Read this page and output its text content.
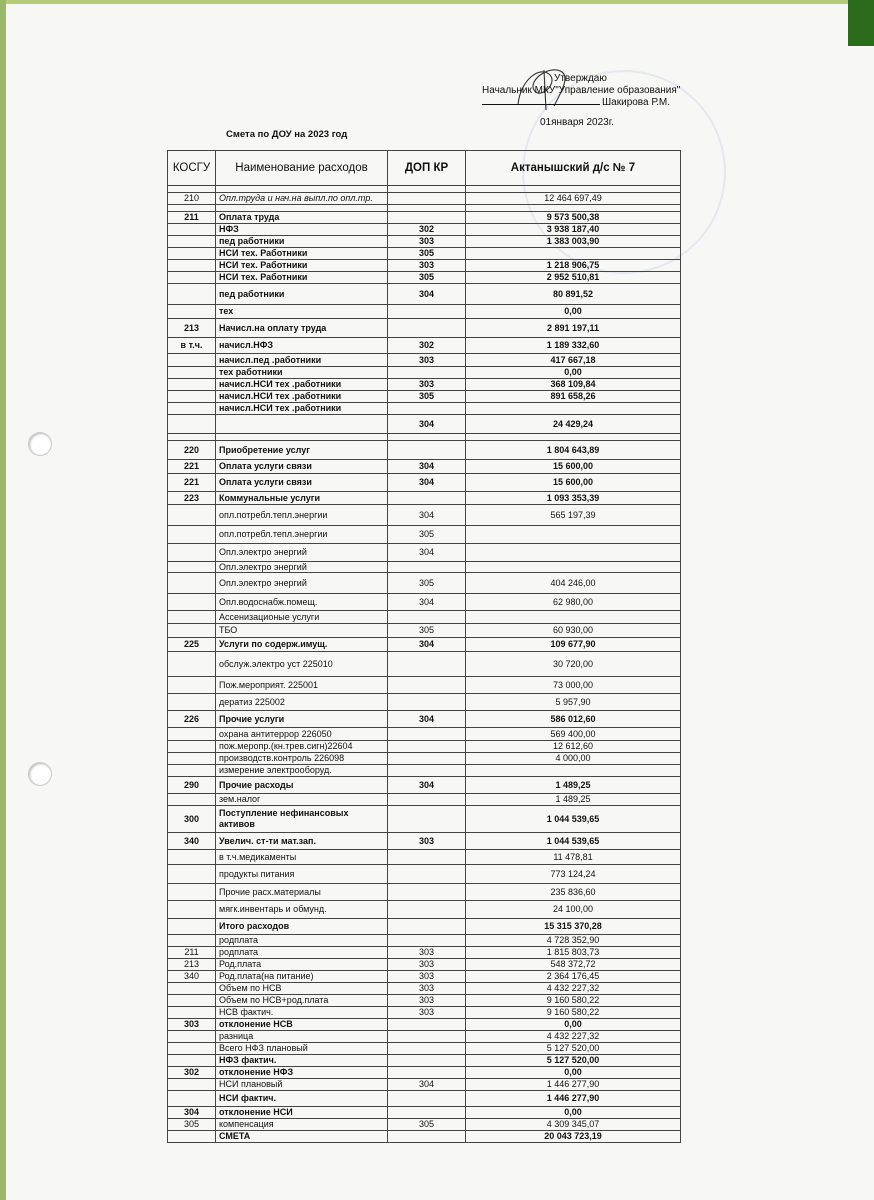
Утверждаю
Начальник МКУ"Управление образования"
Шакирова Р.М.
01января 2023г.
Смета по ДОУ на 2023 год
КОСГУ	Наименование расходов	ДОП КР	Актанышский д/с № 7

210	Опл.труда и нач.на выпл.по опл.тр.		12 464 697,49

211	Оплата труда		9 573 500,38
	НФЗ	302	3 938 187,40
	пед работники	303	1 383 003,90
	НСИ тех. Работники	305	
	НСИ тех. Работники	303	1 218 906,75
	НСИ тех. Работники	305	2 952 510,81
	пед работники	304	80 891,52
	тех		0,00
213	Начисл.на оплату труда		2 891 197,11
в т.ч.	начисл.НФЗ	302	1 189 332,60
	начисл.пед .работники	303	417 667,18
	тех работники		0,00
	начисл.НСИ тех .работники	303	368 109,84
	начисл.НСИ тех .работники	305	891 658,26
	начисл.НСИ тех .работники		
		304	24 429,24

220	Приобретение услуг		1 804 643,89
221	Оплата услуги связи	304	15 600,00
221	Оплата услуги связи	304	15 600,00
223	Коммунальные услуги		1 093 353,39
	опл.потребл.тепл.энергии	304	565 197,39
	опл.потребл.тепл.энергии	305	
	Опл.электро энергий	304	
	Опл.электро энергий		
	Опл.электро энергий	305	404 246,00
	Опл.водоснабж.помещ.	304	62 980,00
	Ассенизационые услуги		
	ТБО	305	60 930,00
225	Услуги по содерж.имущ.	304	109 677,90
	обслуж.электро уст 225010		30 720,00
	Пож.мероприят. 225001		73 000,00
	дератиз 225002		5 957,90
226	Прочие услуги	304	586 012,60
	охрана антитеррор 226050		569 400,00
	пож.меропр.(кн.трев.сигн)22604		12 612,60
	производств.контроль 226098		4 000,00
	измерение электрооборуд.		
290	Прочие расходы	304	1 489,25
	зем.налог		1 489,25
300	Поступление нефинансовых активов		1 044 539,65
340	Увелич. ст-ти мат.зап.	303	1 044 539,65
	в т.ч.медикаменты		11 478,81
	продукты питания		773 124,24
	Прочие расх.материалы		235 836,60
	мягк.инвентарь и обмунд.		24 100,00
	Итого расходов		15 315 370,28
	родплата		4 728 352,90
211	родплата	303	1 815 803,73
213	Род.плата	303	548 372,72
340	Род.плата(на питание)	303	2 364 176,45
	Объем по НСВ	303	4 432 227,32
	Объем по НСВ+род.плата	303	9 160 580,22
	НСВ фактич.	303	9 160 580,22
303	отклонение НСВ		0,00
	разница		4 432 227,32
	Всего НФЗ плановый		5 127 520,00
	НФЗ фактич.		5 127 520,00
302	отклонение НФЗ		0,00
	НСИ плановый	304	1 446 277,90
	НСИ фактич.		1 446 277,90
304	отклонение НСИ		0,00
305	компенсация	305	4 309 345,07
	СМЕТА		20 043 723,19
